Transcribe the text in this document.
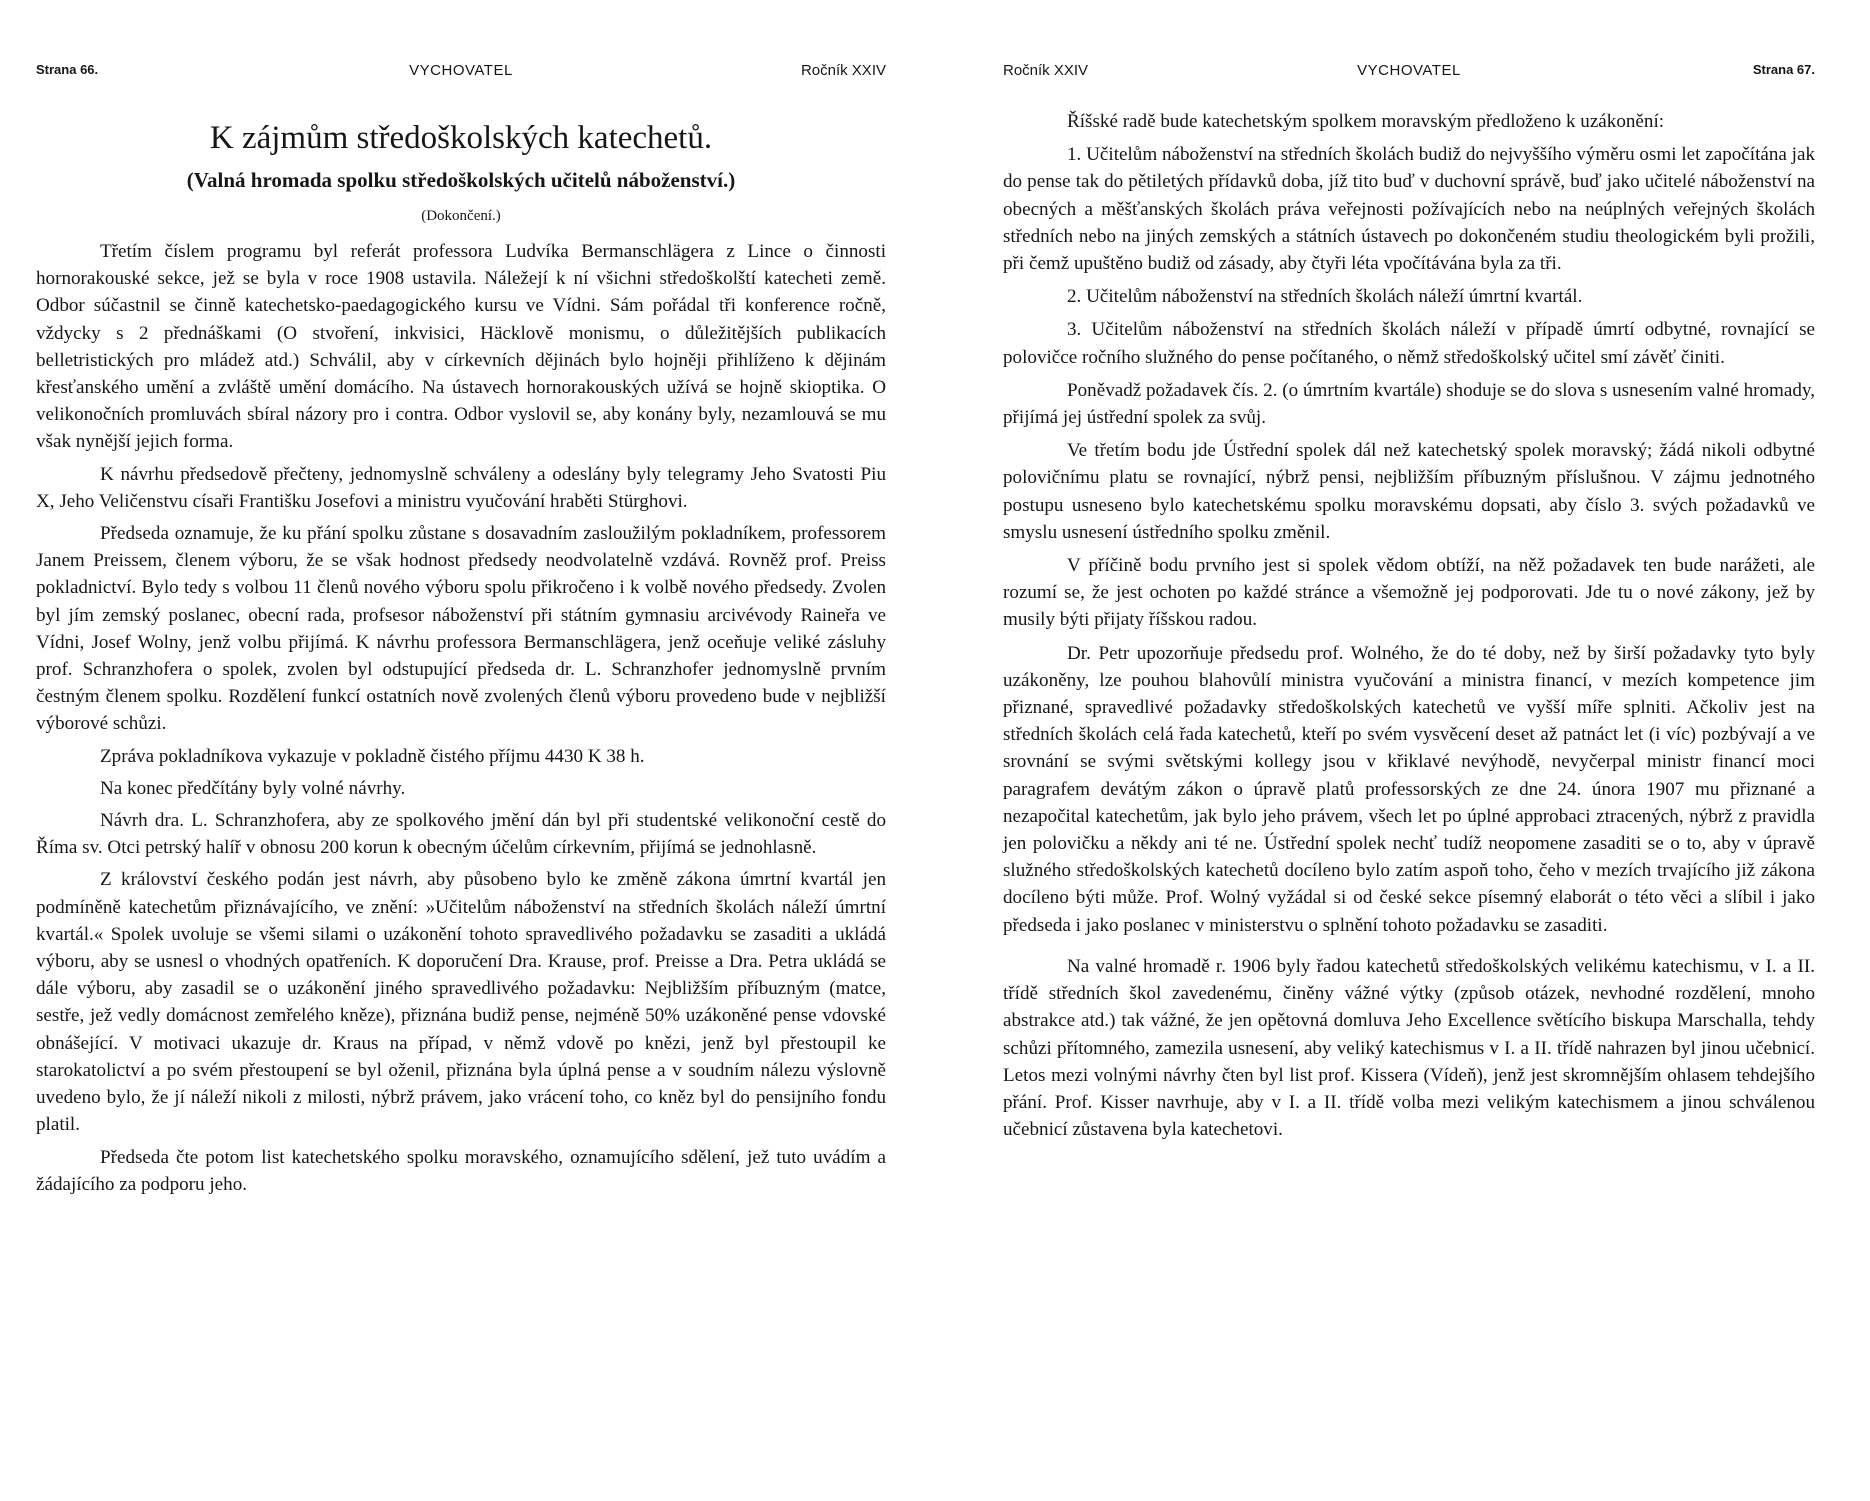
Strana 66.	VYCHOVATEL	Ročník XXIV
K zájmům středoškolských katechetů.
(Valná hromada spolku středoškolských učitelů náboženství.)
(Dokončení.)

Třetím číslem programu byl referát professora Ludvíka Bermanschlägera z Lince o činnosti hornorakouské sekce, jež se byla v roce 1908 ustavila. Náležejí k ní všichni středoškolští katecheti země. Odbor súčastnil se činně katechetsko-paedagogického kursu ve Vídni. Sám pořádal tři konference ročně, vždycky s 2 přednáškami (O stvoření, inkvisici, Häcklově monismu, o důležitějších publikacích belletristických pro mládež atd.) Schválil, aby v církevních dějinách bylo hojněji přihlíženo k dějinám křesťanského umění a zvláště umění domácího. Na ústavech hornorakouských užívá se hojně skioptika. O velikonočních promluvách sbíral názory pro i contra. Odbor vyslovil se, aby konány byly, nezamlouvá se mu však nynější jejich forma.

K návrhu předsedově přečteny, jednomyslně schváleny a odeslány byly telegramy Jeho Svatosti Piu X, Jeho Veličenstvu císaři Františku Josefovi a ministru vyučování hraběti Stürghovi.

Předseda oznamuje, že ku přání spolku zůstane s dosavadním zasloužilým pokladníkem, professorem Janem Preissem, členem výboru, že se však hodnost předsedy neodvolatelně vzdává. Rovněž prof. Preiss pokladnictví. Bylo tedy s volbou 11 členů nového výboru spolu přikročeno i k volbě nového předsedy. Zvolen byl jím zemský poslanec, obecní rada, profsesor náboženství při státním gymnasiu arcivévody Raineřa ve Vídni, Josef Wolny, jenž volbu přijímá. K návrhu professora Bermanschlägera, jenž oceňuje veliké zásluhy prof. Schranzhofera o spolek, zvolen byl odstupující předseda dr. L. Schranzhofer jednomyslně prvním čestným členem spolku. Rozdělení funkcí ostatních nově zvolených členů výboru provedeno bude v nejbližší výborové schůzi.

Zpráva pokladníkova vykazuje v pokladně čistého příjmu 4430 K 38 h.

Na konec předčítány byly volné návrhy.

Návrh dra. L. Schranzhofera, aby ze spolkového jmění dán byl při studentské velikonoční cestě do Říma sv. Otci petrský halíř v obnosu 200 korun k obecným účelům církevním, přijímá se jednohlasně.

Z království českého podán jest návrh, aby působeno bylo ke změně zákona úmrtní kvartál jen podmíněně katechetům přiznávajícího, ve znění: »Učitelům náboženství na středních školách náleží úmrtní kvartál.« Spolek uvoluje se všemi silami o uzákonění tohoto spravedlivého požadavku se zasaditi a ukládá výboru, aby se usnesl o vhodných opatřeních. K doporučení Dra. Krause, prof. Preisse a Dra. Petra ukládá se dále výboru, aby zasadil se o uzákonění jiného spravedlivého požadavku: Nejbližším příbuzným (matce, sestře, jež vedly domácnost zemřelého kněze), přiznána budiž pense, nejméně 50% uzákoněné pense vdovské obnášející. V motivaci ukazuje dr. Kraus na případ, v němž vdově po knězi, jenž byl přestoupil ke starokatolictví a po svém přestoupení se byl oženil, přiznána byla úplná pense a v soudním nálezu výslovně uvedeno bylo, že jí náleží nikoli z milosti, nýbrž právem, jako vrácení toho, co kněz byl do pensijního fondu platil.

Předseda čte potom list katechetského spolku moravského, oznamujícího sdělení, jež tuto uvádím a žádajícího za podporu jeho.

Ročník XXIV	VYCHOVATEL	Strana 67.

Říšské radě bude katechetským spolkem moravským předloženo k uzákonění:

1. Učitelům náboženství na středních školách budiž do nejvyššího výměru osmi let započítána jak do pense tak do pětiletých přídavků doba, jíž tito buď v duchovní správě, buď jako učitelé náboženství na obecných a měšťanských školách práva veřejnosti požívajících nebo na neúplných veřejných školách středních nebo na jiných zemských a státních ústavech po dokončeném studiu theologickém byli prožili, při čemž upuštěno budiž od zásady, aby čtyři léta vpočítávána byla za tři.

2. Učitelům náboženství na středních školách náleží úmrtní kvartál.

3. Učitelům náboženství na středních školách náleží v případě úmrtí odbytné, rovnající se polovičce ročního služného do pense počítaného, o němž středoškolský učitel smí závěť činiti.

Poněvadž požadavek čís. 2. (o úmrtním kvartále) shoduje se do slova s usnesením valné hromady, přijímá jej ústřední spolek za svůj.

Ve třetím bodu jde Ústřední spolek dál než katechetský spolek moravský; žádá nikoli odbytné polovičnímu platu se rovnající, nýbrž pensi, nejbližším příbuzným příslušnou. V zájmu jednotného postupu usneseno bylo katechetskému spolku moravskému dopsati, aby číslo 3. svých požadavků ve smyslu usnesení ústředního spolku změnil.

V příčině bodu prvního jest si spolek vědom obtíží, na něž požadavek ten bude narážeti, ale rozumí se, že jest ochoten po každé stránce a všemožně jej podporovati. Jde tu o nové zákony, jež by musily býti přijaty říšskou radou.

Dr. Petr upozorňuje předsedu prof. Wolného, že do té doby, než by širší požadavky tyto byly uzákoněny, lze pouhou blahovůlí ministra vyučování a ministra financí, v mezích kompetence jim přiznané, spravedlivé požadavky středoškolských katechetů ve vyšší míře splniti. Ačkoliv jest na středních školách celá řada katechetů, kteří po svém vysvěcení deset až patnáct let (i víc) pozbývají a ve srovnání se svými světskými kollegy jsou v křiklavé nevýhodě, nevyčerpal ministr financí moci paragrafem devátým zákon o úpravě platů professorských ze dne 24. února 1907 mu přiznané a nezapočital katechetům, jak bylo jeho právem, všech let po úplné approbaci ztracených, nýbrž z pravidla jen polovičku a někdy ani té ne. Ústřední spolek nechť tudíž neopomene zasaditi se o to, aby v úpravě služného středoškolských katechetů docíleno bylo zatím aspoň toho, čeho v mezích trvajícího již zákona docíleno býti může. Prof. Wolný vyžádal si od české sekce písemný elaborát o této věci a slíbil i jako předseda i jako poslanec v ministerstvu o splnění tohoto požadavku se zasaditi.

Na valné hromadě r. 1906 byly řadou katechetů středoškolských velikému katechismu, v I. a II. třídě středních škol zavedenému, činěny vážné výtky (způsob otázek, nevhodné rozdělení, mnoho abstrakce atd.) tak vážné, že jen opětovná domluva Jeho Excellence světícího biskupa Marschalla, tehdy schůzi přítomného, zamezila usnesení, aby veliký katechismus v I. a II. třídě nahrazen byl jinou učebnicí. Letos mezi volnými návrhy čten byl list prof. Kissera (Vídeň), jenž jest skromnějším ohlasem tehdejšího přání. Prof. Kisser navrhuje, aby v I. a II. třídě volba mezi velikým katechismem a jinou schválenou učebnicí zůstavena byla katechetovi.
